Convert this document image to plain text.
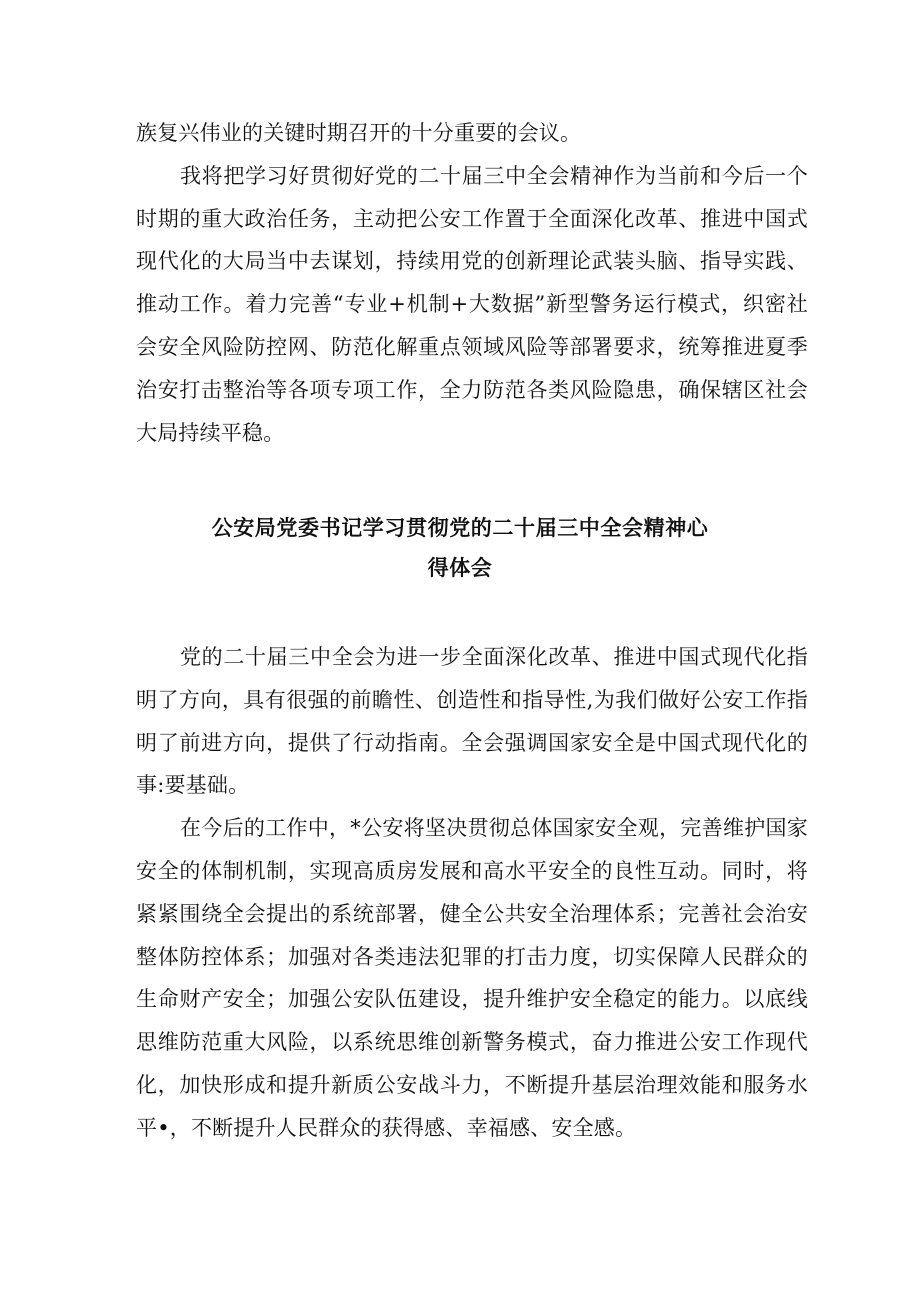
族复兴伟业的关键时期召开的十分重要的会议。

我将把学习好贯彻好党的二十届三中全会精神作为当前和今后一个时期的重大政治任务，主动把公安工作置于全面深化改革、推进中国式现代化的大局当中去谋划，持续用党的创新理论武装头脑、指导实践、推动工作。着力完善“专业+机制+大数据”新型警务运行模式，织密社会安全风险防控网、防范化解重点领域风险等部署要求，统筹推进夏季治安打击整治等各项专项工作，全力防范各类风险隐患，确保辖区社会大局持续平稳。

公安局党委书记学习贯彻党的二十届三中全会精神心
得体会

党的二十届三中全会为进一步全面深化改革、推进中国式现代化指明了方向，具有很强的前瞻性、创造性和指导性,为我们做好公安工作指明了前进方向，提供了行动指南。全会强调国家安全是中国式现代化的事:要基础。

在今后的工作中，*公安将坚决贯彻总体国家安全观，完善维护国家安全的体制机制，实现高质房发展和高水平安全的良性互动。同时，将紧紧围绕全会提出的系统部署，健全公共安全治理体系；完善社会治安整体防控体系；加强对各类违法犯罪的打击力度，切实保障人民群众的生命财产安全；加强公安队伍建设，提升维护安全稳定的能力。以底线思维防范重大风险，以系统思维创新警务模式，奋力推进公安工作现代化，加快形成和提升新质公安战斗力，不断提升基层治理效能和服务水平•，不断提升人民群众的获得感、幸福感、安全感。
